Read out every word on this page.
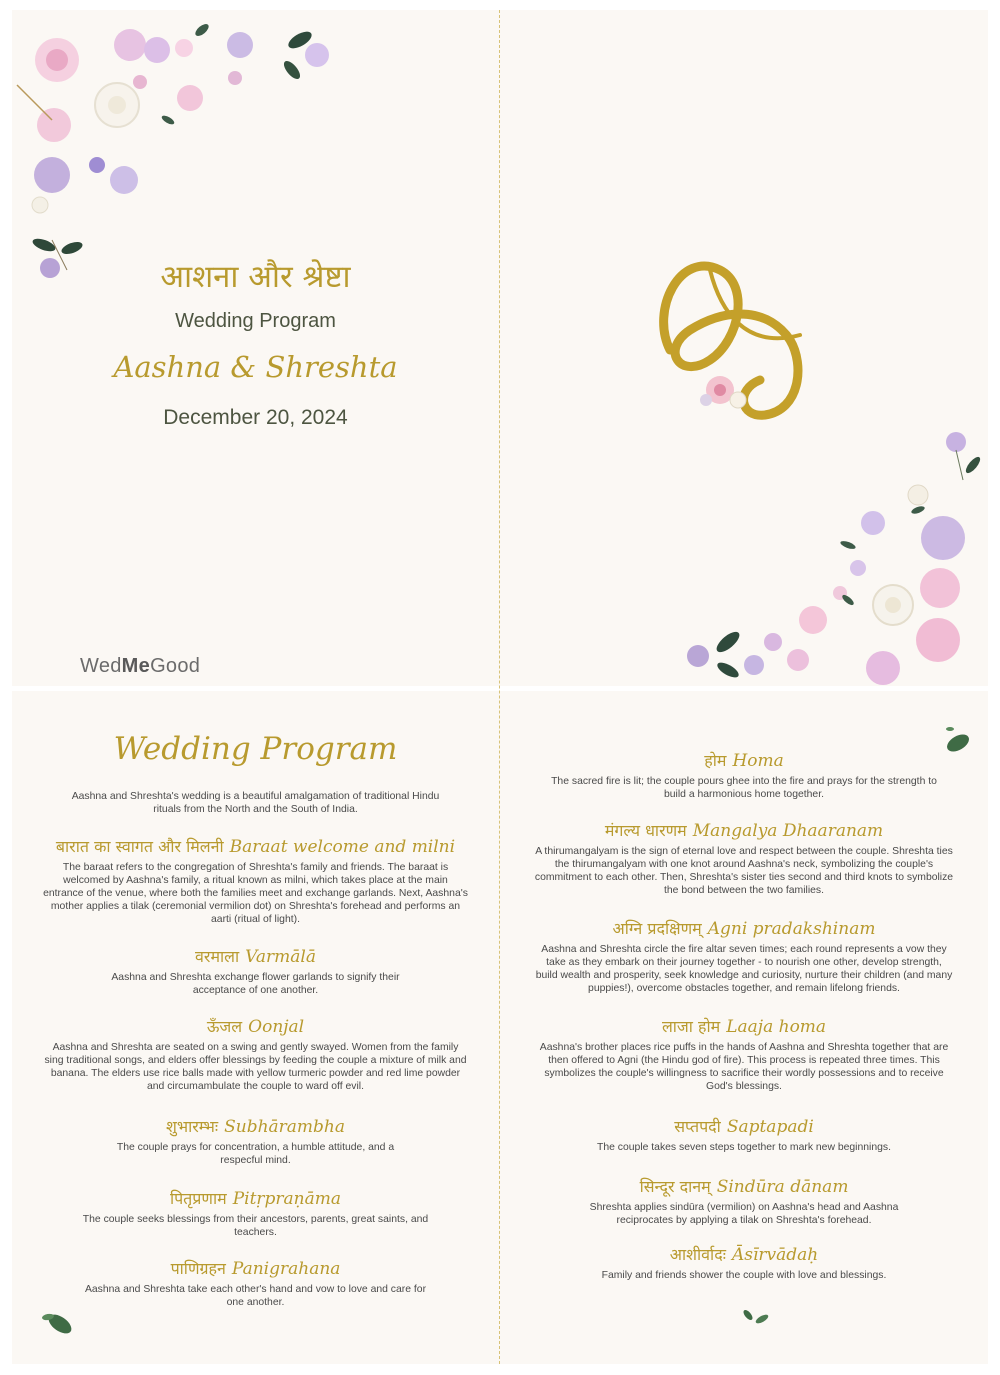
आशना और श्रेष्टा
Wedding Program
Aashna & Shreshta
December 20, 2024
WedMeGood
Wedding Program
Aashna and Shreshta's wedding is a beautiful amalgamation of traditional Hindu rituals from the North and the South of India.
बारात का स्वागत और मिलनी Baraat welcome and milni
The baraat refers to the congregation of Shreshta's family and friends. The baraat is welcomed by Aashna's family, a ritual known as milni, which takes place at the main entrance of the venue, where both the families meet and exchange garlands. Next, Aashna's mother applies a tilak (ceremonial vermilion dot) on Shreshta's forehead and performs an aarti (ritual of light).
वरमाला Varmālā
Aashna and Shreshta exchange flower garlands to signify their acceptance of one another.
ऊँजल Oonjal
Aashna and Shreshta are seated on a swing and gently swayed. Women from the family sing traditional songs, and elders offer blessings by feeding the couple a mixture of milk and banana. The elders use rice balls made with yellow turmeric powder and red lime powder and circumambulate the couple to ward off evil.
शुभारम्भः Subhārambha
The couple prays for concentration, a humble attitude, and a respecful mind.
पितृप्रणाम Pitṛpraṇāma
The couple seeks blessings from their ancestors, parents, great saints, and teachers.
पाणिग्रहन Panigrahana
Aashna and Shreshta take each other's hand and vow to love and care for one another.
होम Homa
The sacred fire is lit; the couple pours ghee into the fire and prays for the strength to build a harmonious home together.
मंगल्य धारणम Mangalya Dhaaranam
A thirumangalyam is the sign of eternal love and respect between the couple. Shreshta ties the thirumangalyam with one knot around Aashna's neck, symbolizing the couple's commitment to each other. Then, Shreshta's sister ties second and third knots to symbolize the bond between the two families.
अग्नि प्रदक्षिणम् Agni pradakshinam
Aashna and Shreshta circle the fire altar seven times; each round represents a vow they take as they embark on their journey together - to nourish one other, develop strength, build wealth and prosperity, seek knowledge and curiosity, nurture their children (and many puppies!), overcome obstacles together, and remain lifelong friends.
लाजा होम Laaja homa
Aashna's brother places rice puffs in the hands of Aashna and Shreshta together that are then offered to Agni (the Hindu god of fire). This process is repeated three times. This symbolizes the couple's willingness to sacrifice their wordly possessions and to receive God's blessings.
सप्तपदी Saptapadi
The couple takes seven steps together to mark new beginnings.
सिन्दूर दानम् Sindūra dānam
Shreshta applies sindūra (vermilion) on Aashna's head and Aashna reciprocates by applying a tilak on Shreshta's forehead.
आशीर्वादः Āsīrvādaḥ
Family and friends shower the couple with love and blessings.
